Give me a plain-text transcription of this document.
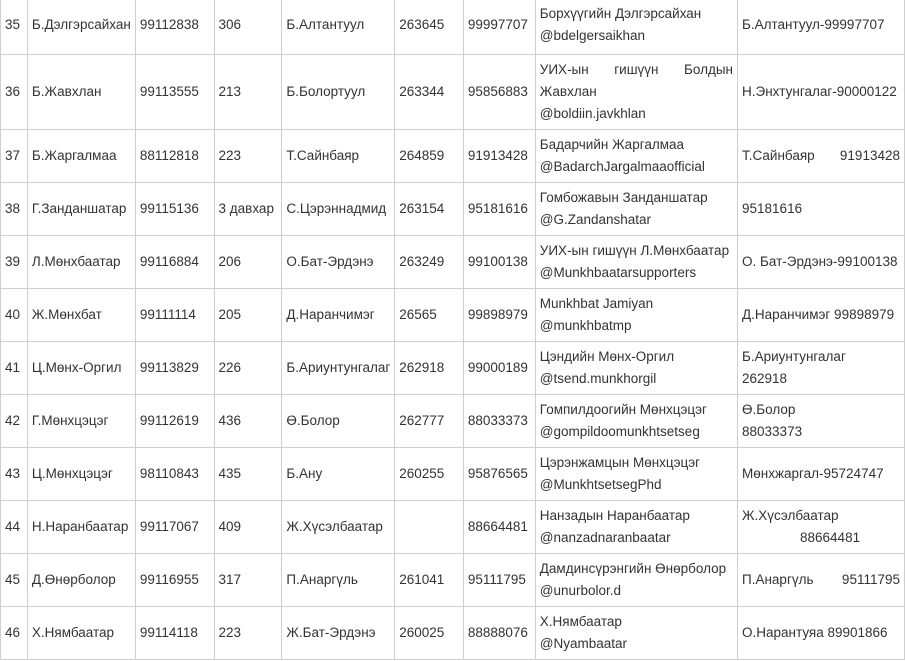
35	Б.Дэлгэрсайхан	99112838	306	Б.Алтантуул	263645	99997707	Борхүүгийн Дэлгэрсайхан
@bdelgersaikhan	Б.Алтантуул-99997707

36	Б.Жавхлан	99113555	213	Б.Болортуул	263344	95856883	УИХ-ын гишүүн Болдын
Жавхлан
@boldiin.javkhlan	Н.Энхтунгалаг-90000122

37	Б.Жаргалмаа	88112818	223	Т.Сайнбаяр	264859	91913428	Бадарчийн Жаргалмаа
@BadarchJargalmaaofficial	Т.Сайнбаяр 91913428

38	Г.Занданшатар	99115136	3 давхар	С.Цэрэннадмид	263154	95181616	Гомбожавын Занданшатар
@G.Zandanshatar	95181616

39	Л.Мөнхбаатар	99116884	206	О.Бат-Эрдэнэ	263249	99100138	УИХ-ын гишүүн Л.Мөнхбаатар
@Munkhbaatarsupporters	О. Бат-Эрдэнэ-99100138

40	Ж.Мөнхбат	99111114	205	Д.Наранчимэг	26565	99898979	Munkhbat Jamiyan
@munkhbatmp	Д.Наранчимэг 99898979

41	Ц.Мөнх-Оргил	99113829	226	Б.Ариунтунгалаг	262918	99000189	Цэндийн Мөнх-Оргил
@tsend.munkhorgil	Б.Ариунтунгалаг
262918

42	Г.Мөнхцэцэг	99112619	436	Ө.Болор	262777	88033373	Гомпилдоогийн Мөнхцэцэг
@gompildoomunkhtsetseg	Ө.Болор
88033373

43	Ц.Мөнхцэцэг	98110843	435	Б.Ану	260255	95876565	Цэрэнжамцын Мөнхцэцэг
@MunkhtsetsegPhd	Мөнхжаргал-95724747

44	Н.Наранбаатар	99117067	409	Ж.Хүсэлбаатар		88664481	Нанзадын Наранбаатар
@nanzadnaranbaatar	Ж.Хүсэлбаатар
88664481

45	Д.Өнөрболор	99116955	317	П.Анаргүль	261041	95111795	Дамдинсүрэнгийн Өнөрболор
@unurbolor.d	П.Анаргүль 95111795

46	Х.Нямбаатар	99114118	223	Ж.Бат-Эрдэнэ	260025	88888076	Х.Нямбаатар
@Nyambaatar	О.Нарантуяа 89901866
